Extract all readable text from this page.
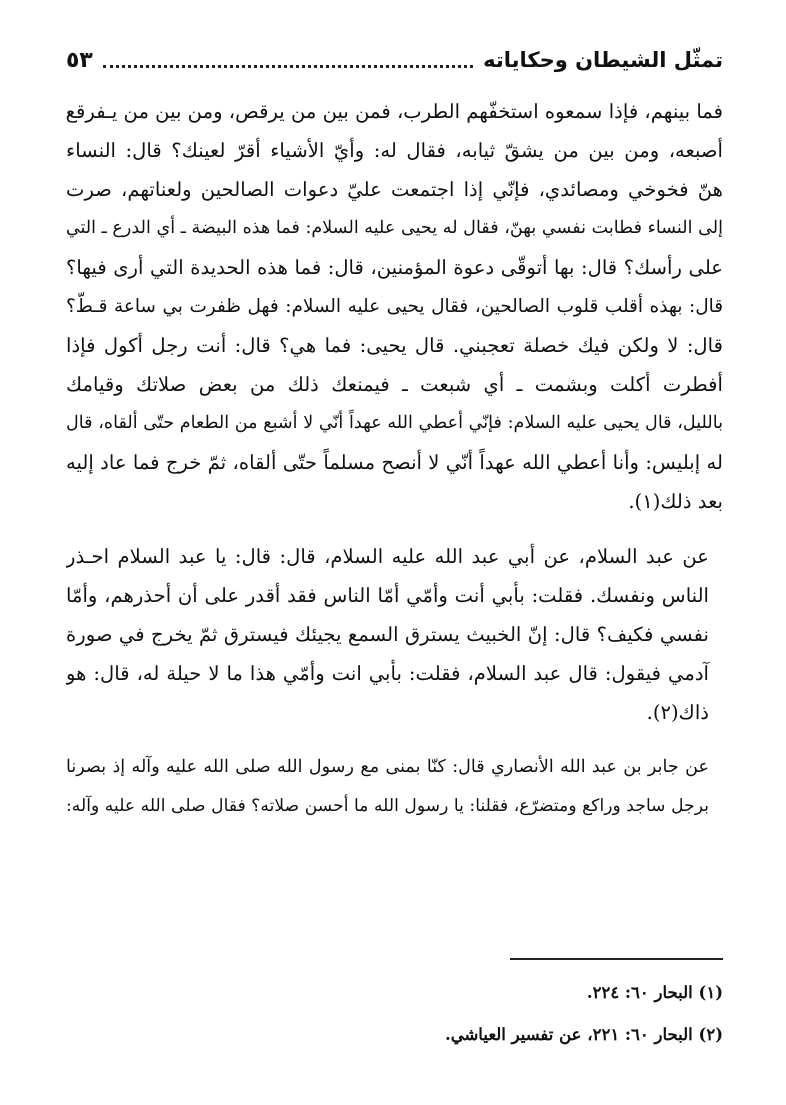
تمثّل الشيطان وحكاياته
٥٣
فما بينهم، فإذا سمعوه استخفّهم الطرب، فمن بين من يرقص، ومن بين من يـفرقع
أصبعه، ومن بين من يشقّ ثيابه، فقال له: وأيّ الأشياء أقرّ لعينك؟ قال: النساء
هنّ فخوخي ومصائدي، فإنّي إذا اجتمعت عليّ دعوات الصالحين ولعناتهم، صرت
إلى النساء فطابت نفسي بهنّ، فقال له يحيى عليه السلام: فما هذه البيضة ـ أي الدرع ـ التي
على رأسك؟ قال: بها أتوقّى دعوة المؤمنين، قال: فما هذه الحديدة التي أرى فيها؟
قال: بهذه أقلب قلوب الصالحين، فقال يحيى عليه السلام: فهل ظفرت بي ساعة قـطّ؟
قال: لا ولكن فيك خصلة تعجبني. قال يحيى: فما هي؟ قال: أنت رجل أكول فإذا
أفطرت أكلت وبشمت ـ أي شبعت ـ فيمنعك ذلك من بعض صلاتك وقيامك
بالليل، قال يحيى عليه السلام: فإنّي أعطي الله عهداً أنّي لا أشبع من الطعام حتّى ألقاه، قال
له إبليس: وأنا أعطي الله عهداً أنّي لا أنصح مسلماً حتّى ألقاه، ثمّ خرج فما عاد إليه
بعد ذلك(١).
عن عبد السلام، عن أبي عبد الله عليه السلام، قال: قال: يا عبد السلام احـذر
الناس ونفسك. فقلت: بأبي أنت وأمّي أمّا الناس فقد أقدر على أن أحذرهم، وأمّا
نفسي فكيف؟ قال: إنّ الخبيث يسترق السمع يجيئك فيسترق ثمّ يخرج في صورة
آدمي فيقول: قال عبد السلام، فقلت: بأبي انت وأمّي هذا ما لا حيلة له، قال: هو
ذاك(٢).
عن جابر بن عبد الله الأنصاري قال: كنّا بمنى مع رسول الله صلى الله عليه وآله إذ بصرنا
برجل ساجد وراكع ومتضرّع، فقلنا: يا رسول الله ما أحسن صلاته؟ فقال صلى الله عليه وآله:
(١) البحار ٦٠: ٢٢٤.
(٢) البحار ٦٠: ٢٢١، عن تفسير العياشي.
